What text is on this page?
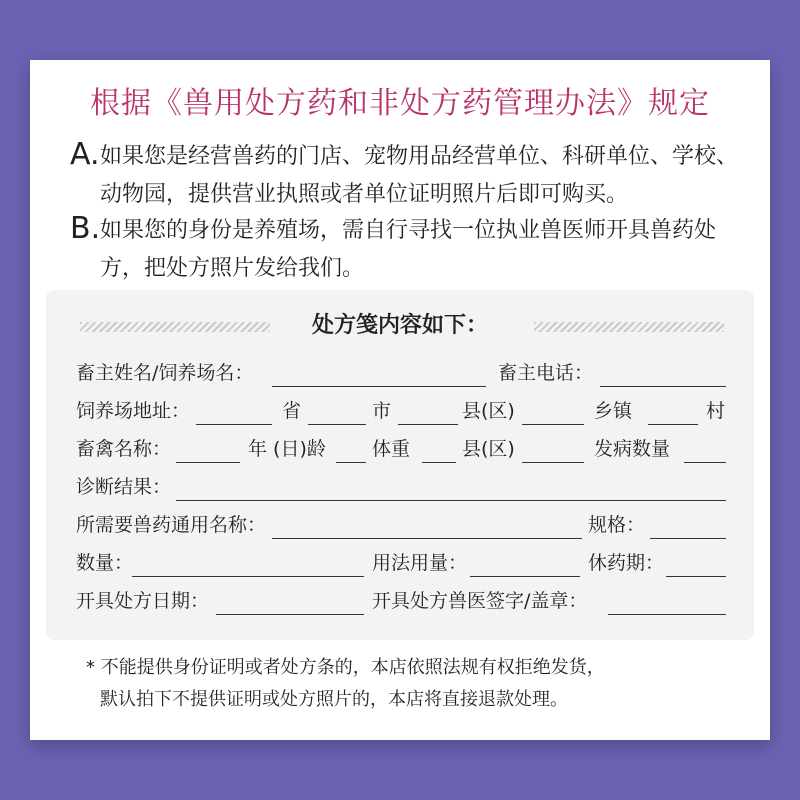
根据《兽用处方药和非处方药管理办法》规定
A. 如果您是经营兽药的门店、宠物用品经营单位、科研单位、学校、动物园，提供营业执照或者单位证明照片后即可购买。
B. 如果您的身份是养殖场，需自行寻找一位执业兽医师开具兽药处方，把处方照片发给我们。
处方笺内容如下：
畜主姓名/饲养场名：	畜主电话：
饲养场地址：	省	市	县(区)	乡镇	村
畜禽名称：	年 (日)龄 体重	县(区)	发病数量
诊断结果：
所需要兽药通用名称：	规格：
数量：	用法用量：	休药期：
开具处方日期：	开具处方兽医签字/盖章：
* 不能提供身份证明或者处方条的，本店依照法规有权拒绝发货，
默认拍下不提供证明或处方照片的，本店将直接退款处理。
